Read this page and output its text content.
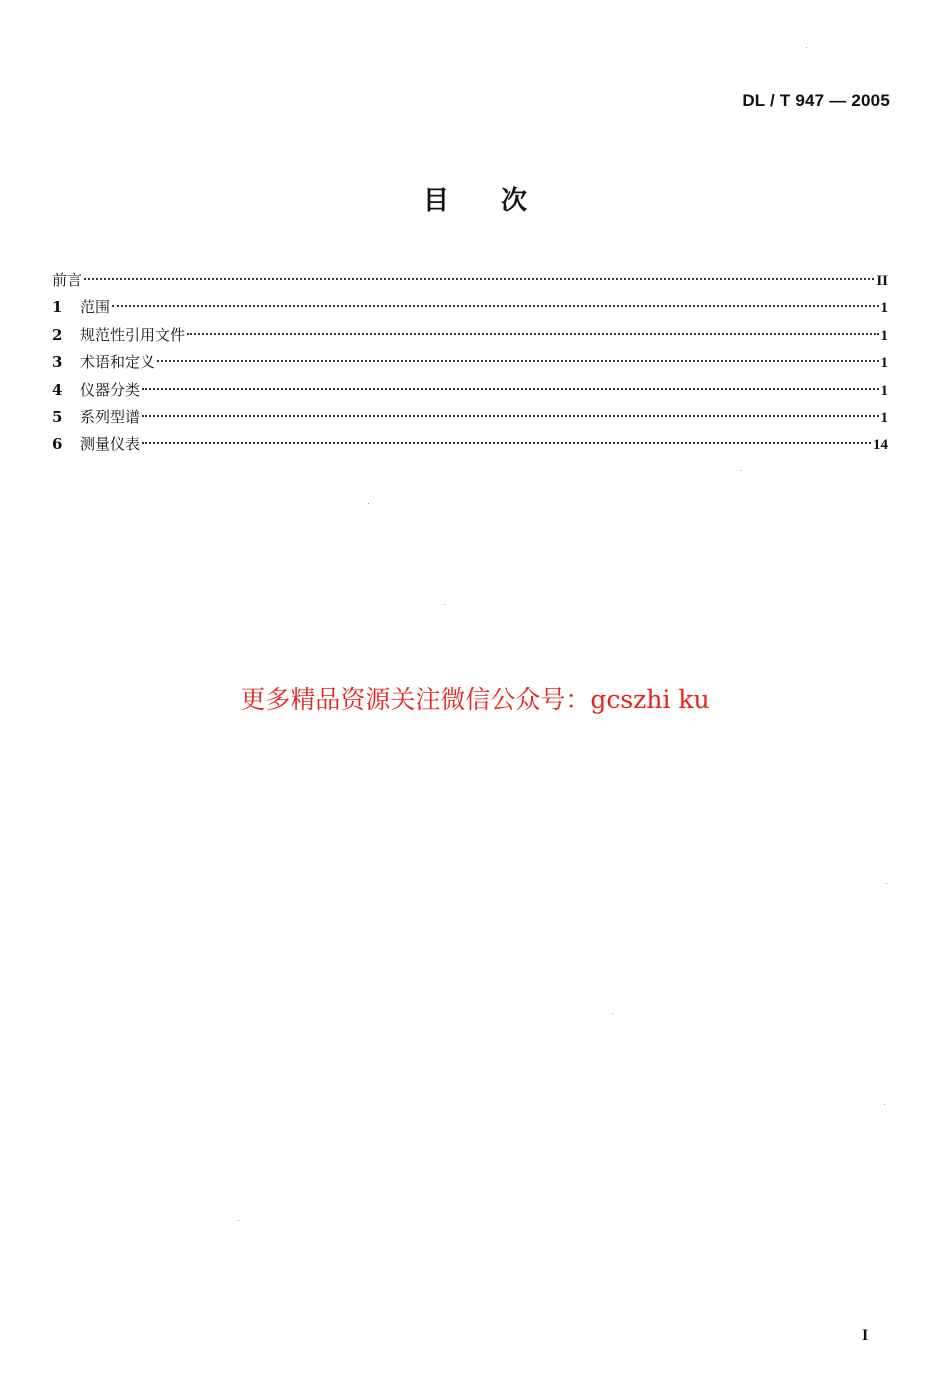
DL / T 947 — 2005
目次
前言	II
1	范围	1
2	规范性引用文件	1
3	术语和定义	1
4	仪器分类	1
5	系列型谱	1
6	测量仪表	14
更多精品资源关注微信公众号：gcszhi ku
I
